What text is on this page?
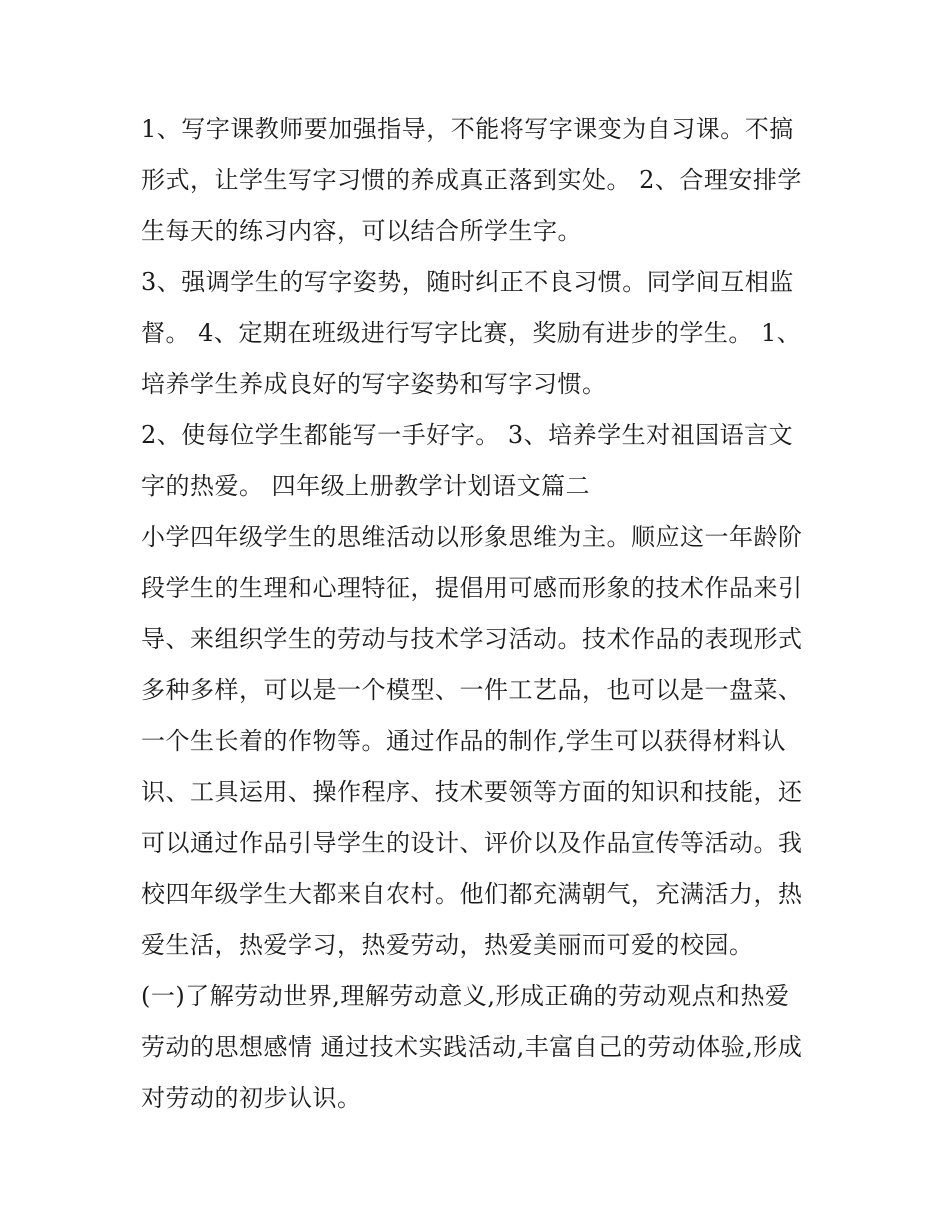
1、写字课教师要加强指导，不能将写字课变为自习课。不搞
形式，让学生写字习惯的养成真正落到实处。 2、合理安排学
生每天的练习内容，可以结合所学生字。
3、强调学生的写字姿势，随时纠正不良习惯。同学间互相监
督。 4、定期在班级进行写字比赛，奖励有进步的学生。 1、
培养学生养成良好的写字姿势和写字习惯。
2、使每位学生都能写一手好字。 3、培养学生对祖国语言文
字的热爱。 四年级上册教学计划语文篇二
小学四年级学生的思维活动以形象思维为主。顺应这一年龄阶
段学生的生理和心理特征，提倡用可感而形象的技术作品来引
导、来组织学生的劳动与技术学习活动。技术作品的表现形式
多种多样，可以是一个模型、一件工艺品，也可以是一盘菜、
一个生长着的作物等。通过作品的制作,学生可以获得材料认
识、工具运用、操作程序、技术要领等方面的知识和技能，还
可以通过作品引导学生的设计、评价以及作品宣传等活动。我
校四年级学生大都来自农村。他们都充满朝气，充满活力，热
爱生活，热爱学习，热爱劳动，热爱美丽而可爱的校园。
(一)了解劳动世界,理解劳动意义,形成正确的劳动观点和热爱
劳动的思想感情 通过技术实践活动,丰富自己的劳动体验,形成
对劳动的初步认识。
